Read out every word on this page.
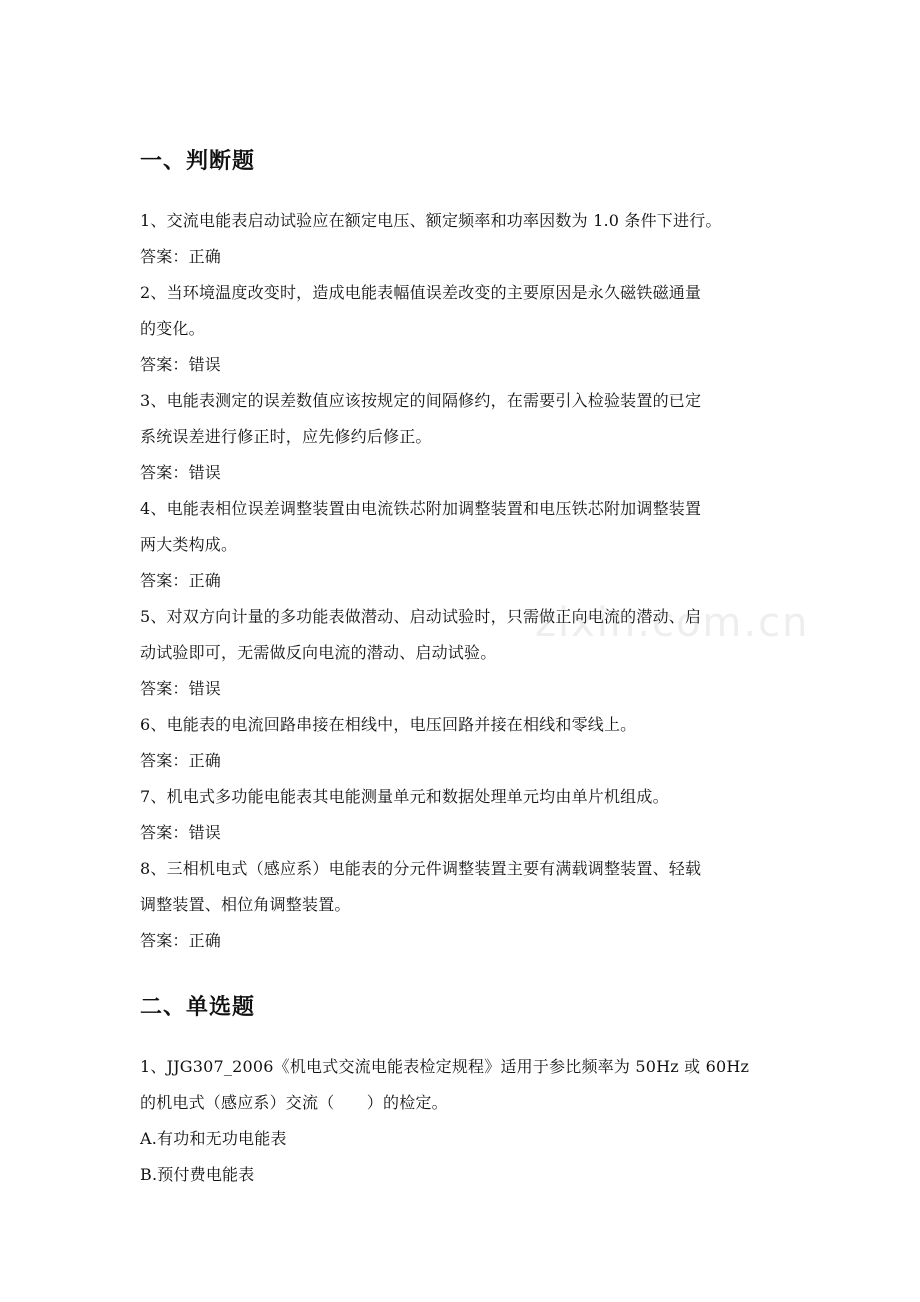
一、判断题
1、交流电能表启动试验应在额定电压、额定频率和功率因数为 1.0 条件下进行。
答案：正确
2、当环境温度改变时，造成电能表幅值误差改变的主要原因是永久磁铁磁通量
的变化。
答案：错误
3、电能表测定的误差数值应该按规定的间隔修约，在需要引入检验装置的已定
系统误差进行修正时，应先修约后修正。
答案：错误
4、电能表相位误差调整装置由电流铁芯附加调整装置和电压铁芯附加调整装置
两大类构成。
答案：正确
5、对双方向计量的多功能表做潜动、启动试验时，只需做正向电流的潜动、启
动试验即可，无需做反向电流的潜动、启动试验。
答案：错误
6、电能表的电流回路串接在相线中，电压回路并接在相线和零线上。
答案：正确
7、机电式多功能电能表其电能测量单元和数据处理单元均由单片机组成。
答案：错误
8、三相机电式（感应系）电能表的分元件调整装置主要有满载调整装置、轻载
调整装置、相位角调整装置。
答案：正确
二、单选题
1、JJG307_2006《机电式交流电能表检定规程》适用于参比频率为 50Hz 或 60Hz
的机电式（感应系）交流（　　）的检定。
A.有功和无功电能表
B.预付费电能表
zixin.com.cn
